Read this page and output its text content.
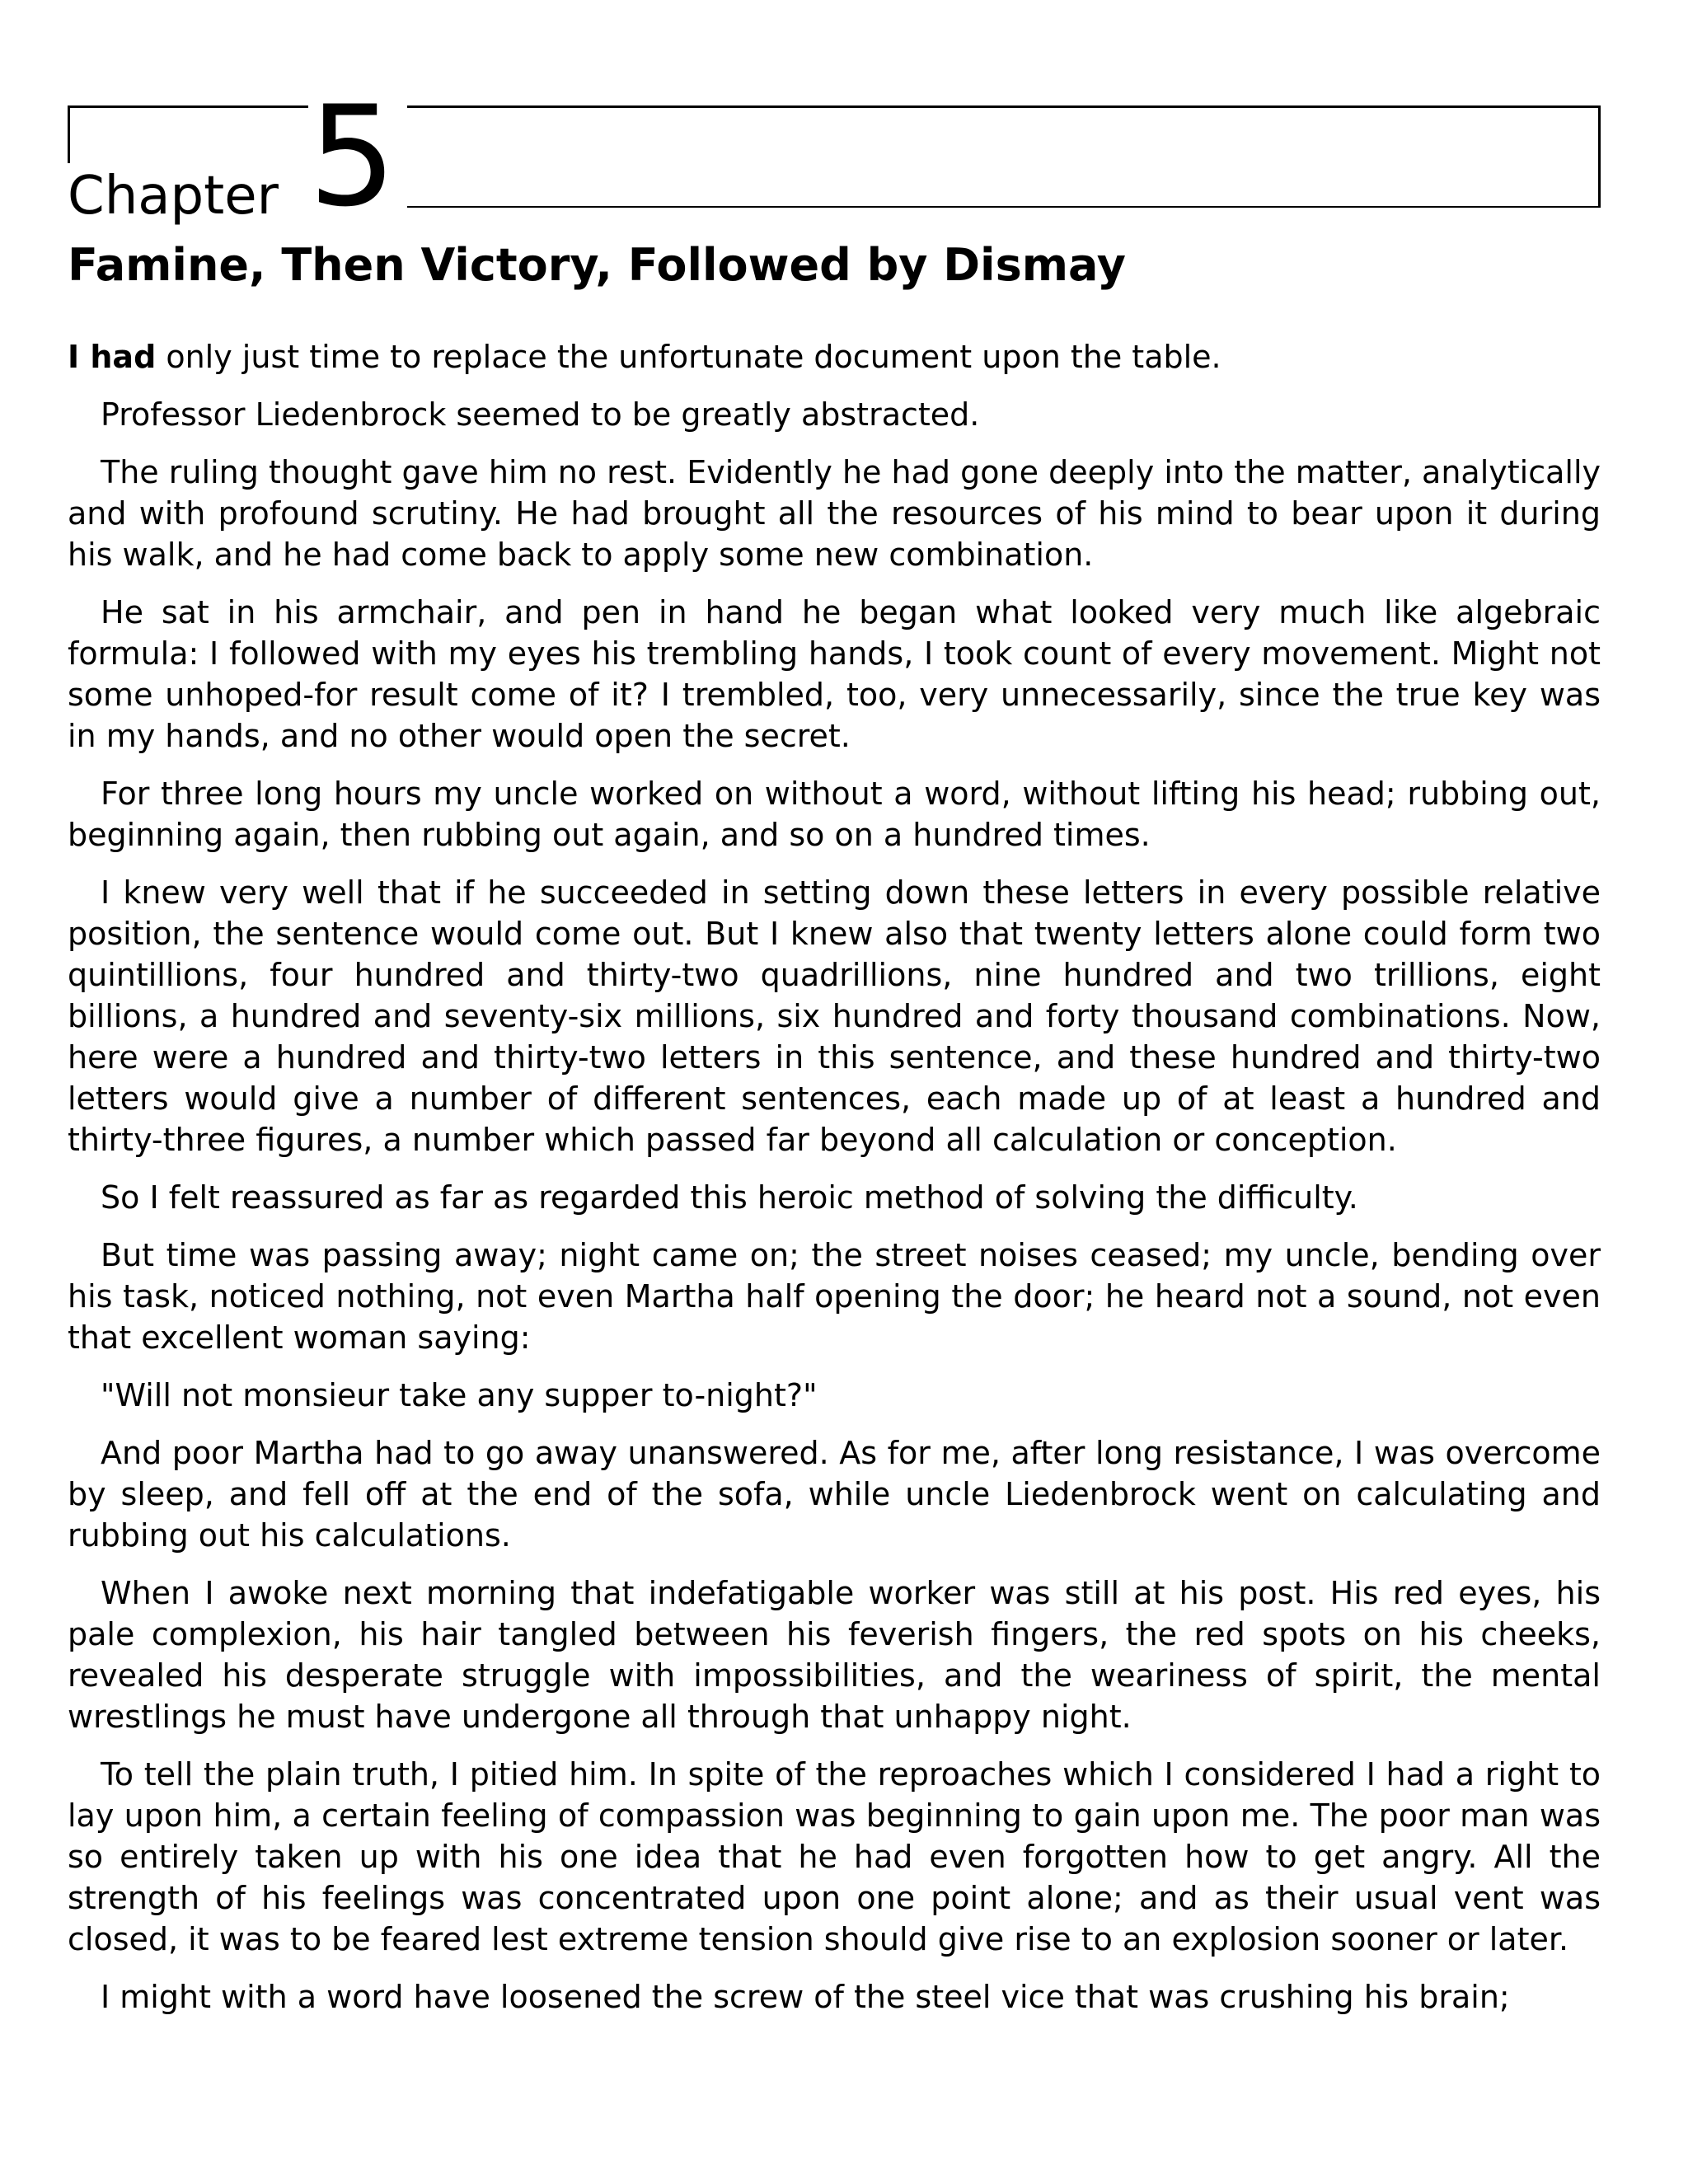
Chapter 5
Famine, Then Victory, Followed by Dismay

I had only just time to replace the unfortunate document upon the table.

Professor Liedenbrock seemed to be greatly abstracted.

The ruling thought gave him no rest. Evidently he had gone deeply into the matter, analytically and with profound scrutiny. He had brought all the resources of his mind to bear upon it during his walk, and he had come back to apply some new combination.

He sat in his armchair, and pen in hand he began what looked very much like algebraic formula: I followed with my eyes his trembling hands, I took count of every movement. Might not some unhoped-for result come of it? I trembled, too, very unnecessarily, since the true key was in my hands, and no other would open the secret.

For three long hours my uncle worked on without a word, without lifting his head; rubbing out, beginning again, then rubbing out again, and so on a hundred times.

I knew very well that if he succeeded in setting down these letters in every possible relative position, the sentence would come out. But I knew also that twenty letters alone could form two quintillions, four hundred and thirty-two quadrillions, nine hundred and two trillions, eight billions, a hundred and seventy-six millions, six hundred and forty thousand combinations. Now, here were a hundred and thirty-two letters in this sentence, and these hundred and thirty-two letters would give a number of different sentences, each made up of at least a hundred and thirty-three figures, a number which passed far beyond all calculation or conception.

So I felt reassured as far as regarded this heroic method of solving the difficulty.

But time was passing away; night came on; the street noises ceased; my uncle, bending over his task, noticed nothing, not even Martha half opening the door; he heard not a sound, not even that excellent woman saying:

"Will not monsieur take any supper to-night?"

And poor Martha had to go away unanswered. As for me, after long resistance, I was overcome by sleep, and fell off at the end of the sofa, while uncle Liedenbrock went on calculating and rubbing out his calculations.

When I awoke next morning that indefatigable worker was still at his post. His red eyes, his pale complexion, his hair tangled between his feverish fingers, the red spots on his cheeks, revealed his desperate struggle with impossibilities, and the weariness of spirit, the mental wrestlings he must have undergone all through that unhappy night.

To tell the plain truth, I pitied him. In spite of the reproaches which I considered I had a right to lay upon him, a certain feeling of compassion was beginning to gain upon me. The poor man was so entirely taken up with his one idea that he had even forgotten how to get angry. All the strength of his feelings was concentrated upon one point alone; and as their usual vent was closed, it was to be feared lest extreme tension should give rise to an explosion sooner or later.

I might with a word have loosened the screw of the steel vice that was crushing his brain;
